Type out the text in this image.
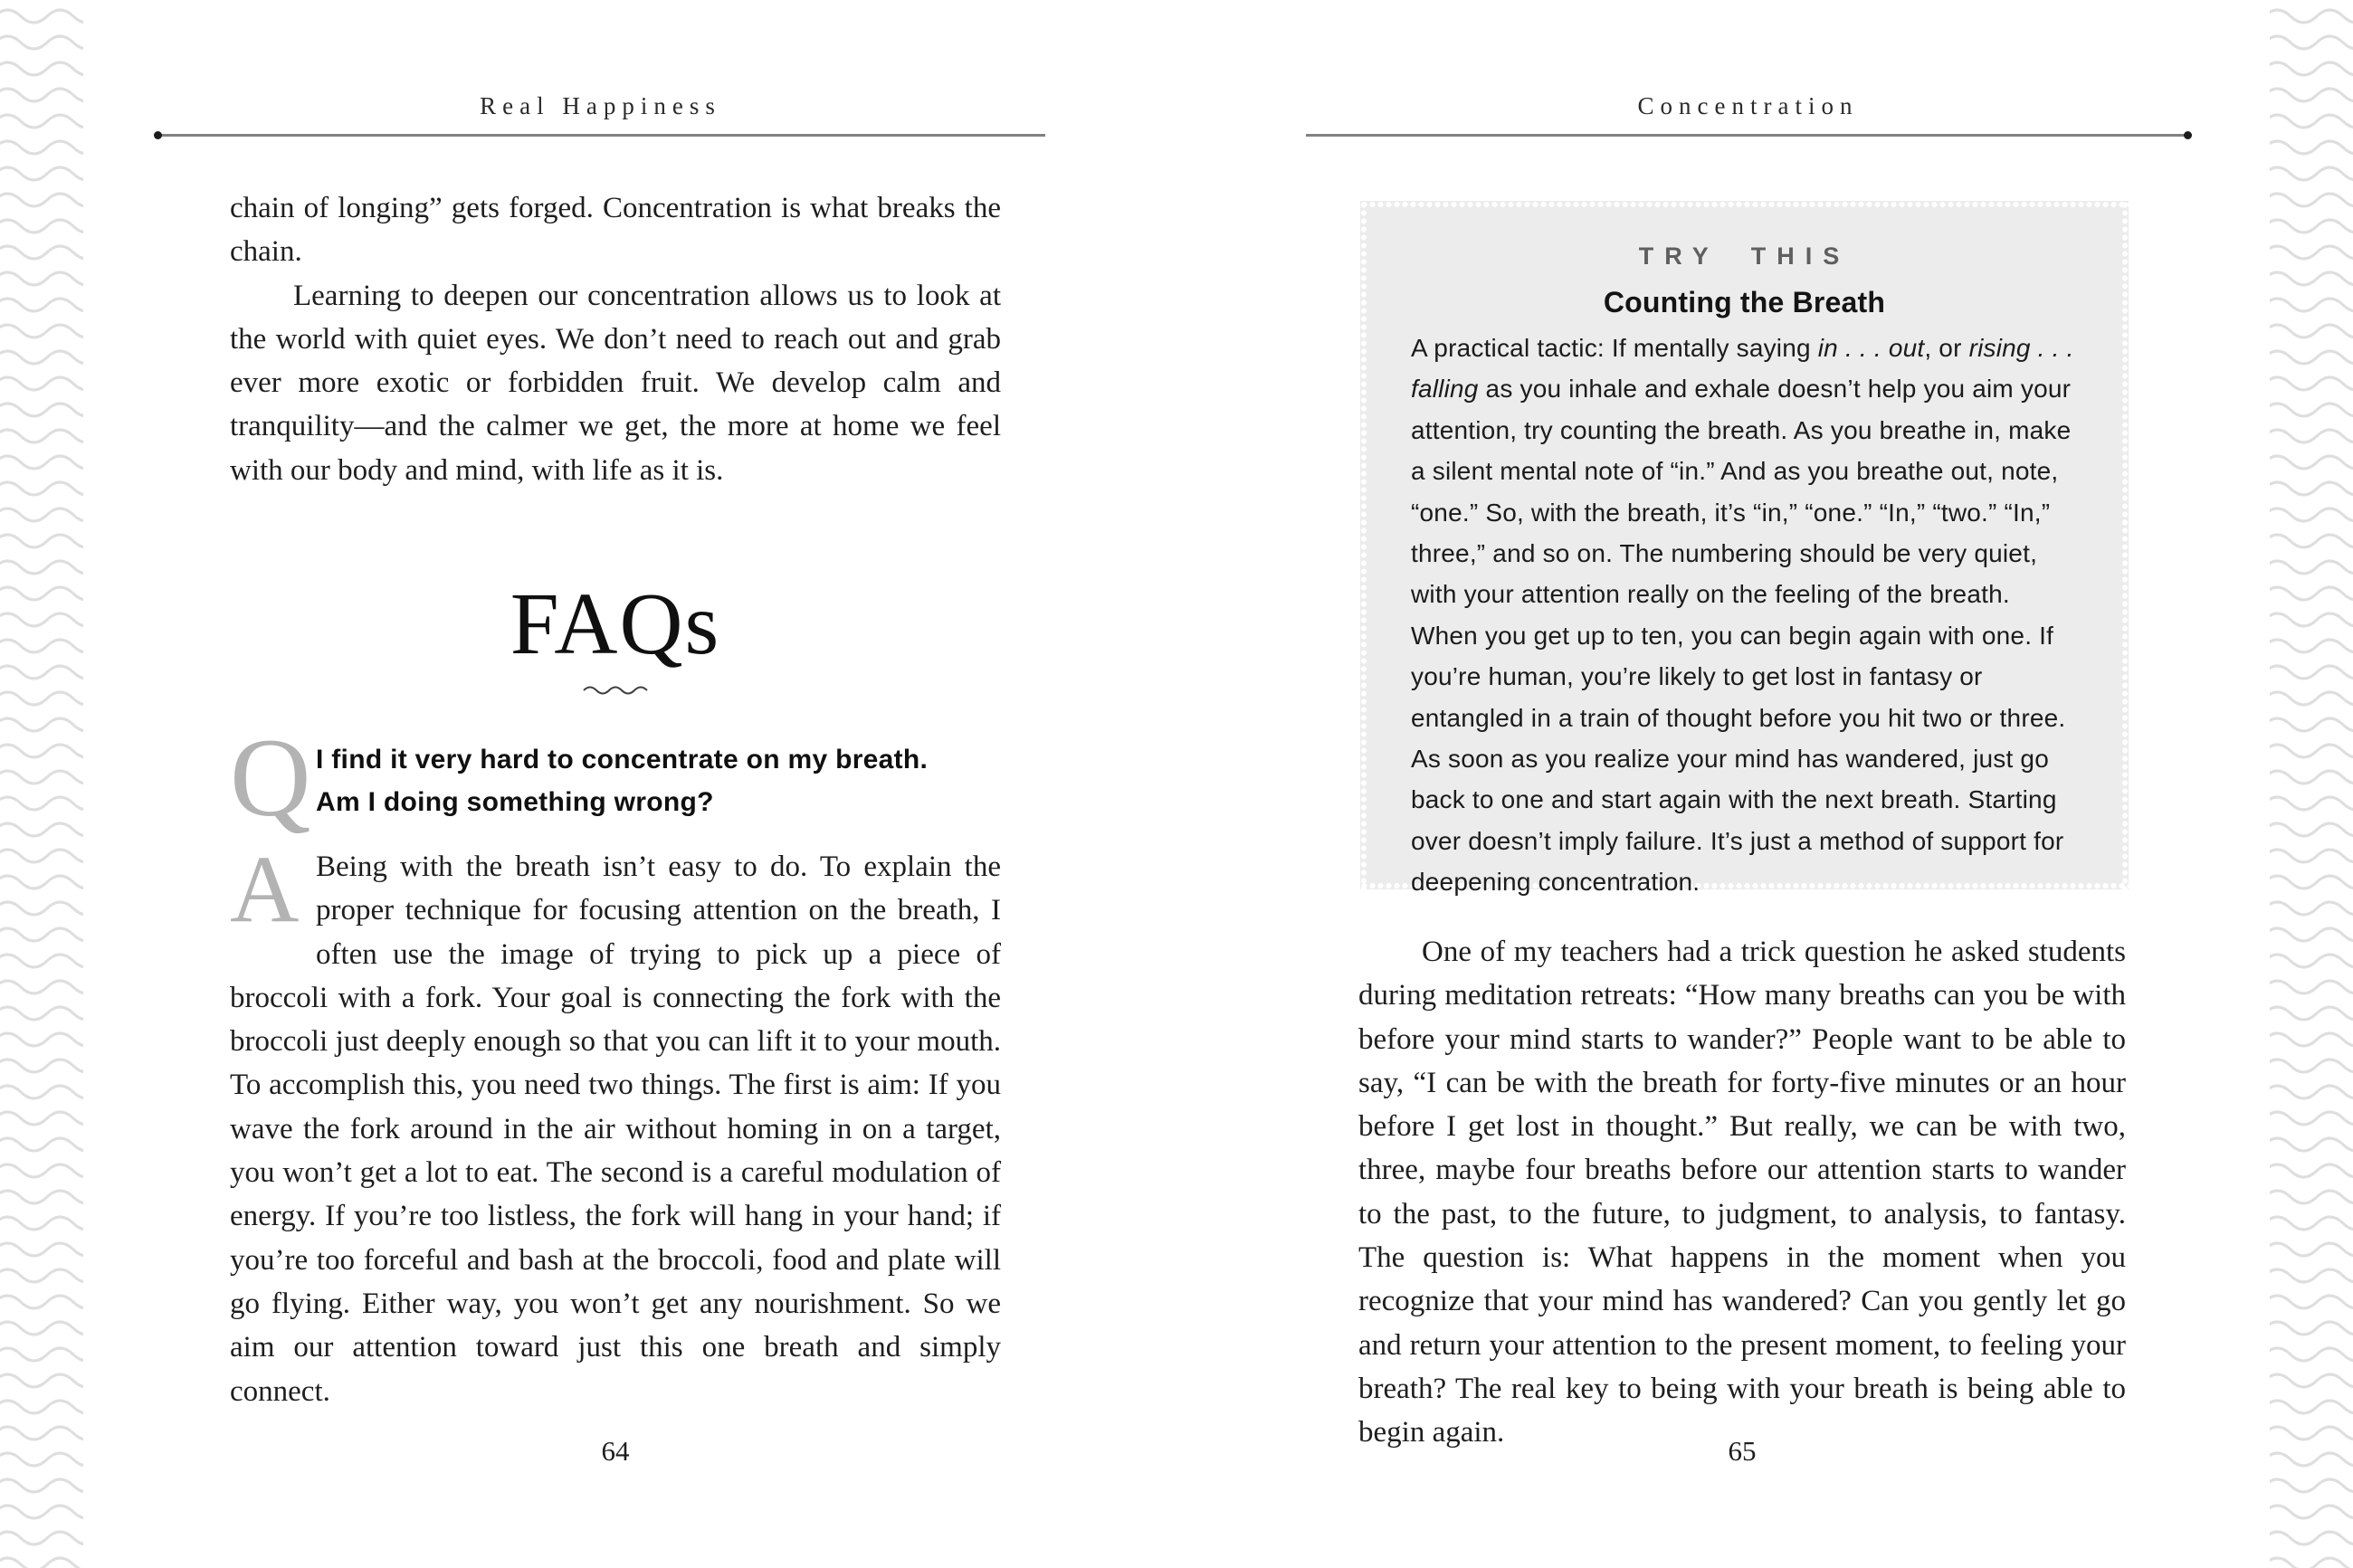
Real Happiness
chain of longing” gets forged. Concentration is what breaks the chain.
Learning to deepen our concentration allows us to look at the world with quiet eyes. We don’t need to reach out and grab ever more exotic or forbidden fruit. We develop calm and tranquility—and the calmer we get, the more at home we feel with our body and mind, with life as it is.
FAQs
Q I find it very hard to concentrate on my breath.
Am I doing something wrong?
A Being with the breath isn’t easy to do. To explain the proper technique for focusing attention on the breath, I often use the image of trying to pick up a piece of broccoli with a fork. Your goal is connecting the fork with the broccoli just deeply enough so that you can lift it to your mouth. To accomplish this, you need two things. The first is aim: If you wave the fork around in the air without homing in on a target, you won’t get a lot to eat. The second is a careful modulation of energy. If you’re too listless, the fork will hang in your hand; if you’re too forceful and bash at the broccoli, food and plate will go flying. Either way, you won’t get any nourishment. So we aim our attention toward just this one breath and simply connect.
64
Concentration
TRY THIS
Counting the Breath
A practical tactic: If mentally saying in . . . out, or rising . . . falling as you inhale and exhale doesn’t help you aim your attention, try counting the breath. As you breathe in, make a silent mental note of “in.” And as you breathe out, note, “one.” So, with the breath, it’s “in,” “one.” “In,” “two.” “In,” three,” and so on. The numbering should be very quiet, with your attention really on the feeling of the breath. When you get up to ten, you can begin again with one. If you’re human, you’re likely to get lost in fantasy or entangled in a train of thought before you hit two or three. As soon as you realize your mind has wandered, just go back to one and start again with the next breath. Starting over doesn’t imply failure. It’s just a method of support for deepening concentration.
One of my teachers had a trick question he asked students during meditation retreats: “How many breaths can you be with before your mind starts to wander?” People want to be able to say, “I can be with the breath for forty-five minutes or an hour before I get lost in thought.” But really, we can be with two, three, maybe four breaths before our attention starts to wander to the past, to the future, to judgment, to analysis, to fantasy. The question is: What happens in the moment when you recognize that your mind has wandered? Can you gently let go and return your attention to the present moment, to feeling your breath? The real key to being with your breath is being able to begin again.
65
